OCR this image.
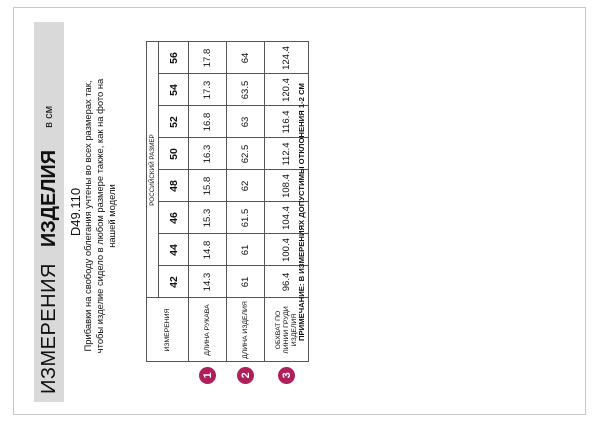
ИЗМЕРЕНИЯ
ИЗДЕЛИЯ
в см
D49.110 Прибавки на свободу облегания учтены во всех размерах так, чтобы изделие сидело в любом размере также, как на фото на нашей модели
	ИЗМЕРЕНИЯ	РОССИЙСКИЙ РАЗМЕР							
		42	44	46	48	50	52	54	56

1	ДЛИНА РУКАВА	14.3	14.8	15.3	15.8	16.3	16.8	17.3	17.8

2	ДЛИНА ИЗДЕЛИЯ	61	61	61.5	62	62.5	63	63.5	64

3	ОБХВАТ ПО ЛИНИИ ГРУДИ ИЗДЕЛИЯ	96.4	100.4	104.4	108.4	112.4	116.4	120.4	124.4
ПРИМЕЧАНИЕ: В ИЗМЕРЕНИЯХ ДОПУСТИМЫ ОТКЛОНЕНИЯ 1-2 СМ
